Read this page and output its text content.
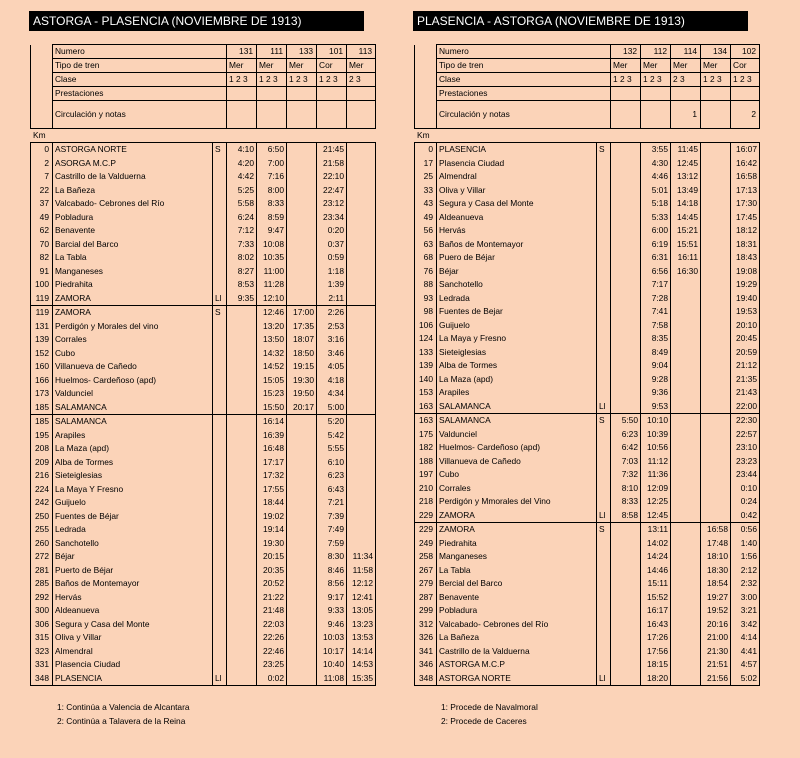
ASTORGA - PLASENCIA (NOVIEMBRE DE 1913)
	Numero	131	111	133	101	113
	Tipo de tren	Mer	Mer	Mer	Cor	Mer
	Clase	1 2 3	1 2 3	1 2 3	1 2 3	2 3
	Prestaciones					
	Circulación y notas					
Km
0	ASTORGA NORTE	S	4:10	6:50		21:45	
2	ASORGA M.C.P		4:20	7:00		21:58	
7	Castrillo de la Valduerna		4:42	7:16		22:10	
22	La Bañeza		5:25	8:00		22:47	
37	Valcabado- Cebrones del Río		5:58	8:33		23:12	
49	Pobladura		6:24	8:59		23:34	
62	Benavente		7:12	9:47		0:20	
70	Barcial del Barco		7:33	10:08		0:37	
82	La Tabla		8:02	10:35		0:59	
91	Manganeses		8:27	11:00		1:18	
100	Piedrahita		8:53	11:28		1:39	
119	ZAMORA	Ll	9:35	12:10		2:11	
119	ZAMORA	S		12:46	17:00	2:26	
131	Perdigón y Morales del vino			13:20	17:35	2:53	
139	Corrales			13:50	18:07	3:16	
152	Cubo			14:32	18:50	3:46	
160	Villanueva de Cañedo			14:52	19:15	4:05	
166	Huelmos- Cardeñoso (apd)			15:05	19:30	4:18	
173	Valdunciel			15:23	19:50	4:34	
185	SALAMANCA			15:50	20:17	5:00	
185	SALAMANCA			16:14		5:20	
195	Arapiles			16:39		5:42	
208	La Maza (apd)			16:48		5:55	
209	Alba de Tormes			17:17		6:10	
216	Sieteiglesias			17:32		6:23	
224	La Maya Y Fresno			17:55		6:43	
242	Guijuelo			18:44		7:21	
250	Fuentes de Béjar			19:02		7:39	
255	Ledrada			19:14		7:49	
260	Sanchotello			19:30		7:59	
272	Béjar			20:15		8:30	11:34
281	Puerto de Béjar			20:35		8:46	11:58
285	Baños de Montemayor			20:52		8:56	12:12
292	Hervás			21:22		9:17	12:41
300	Aldeanueva			21:48		9:33	13:05
306	Segura y Casa del Monte			22:03		9:46	13:23
315	Oliva y Villar			22:26		10:03	13:53
323	Almendral			22:46		10:17	14:14
331	Plasencia Ciudad			23:25		10:40	14:53
348	PLASENCIA	Ll		0:02		11:08	15:35
PLASENCIA - ASTORGA (NOVIEMBRE DE 1913)
	Numero	132	112	114	134	102
	Tipo de tren	Mer	Mer	Mer	Mer	Cor
	Clase	1 2 3	1 2 3	2 3	1 2 3	1 2 3
	Prestaciones					
	Circulación y notas			1		2
Km
0	PLASENCIA	S		3:55	11:45		16:07
17	Plasencia Ciudad			4:30	12:45		16:42
25	Almendral			4:46	13:12		16:58
33	Oliva y Villar			5:01	13:49		17:13
43	Segura y Casa del Monte			5:18	14:18		17:30
49	Aldeanueva			5:33	14:45		17:45
56	Hervás			6:00	15:21		18:12
63	Baños de Montemayor			6:19	15:51		18:31
68	Puero de Béjar			6:31	16:11		18:43
76	Béjar			6:56	16:30		19:08
88	Sanchotello			7:17			19:29
93	Ledrada			7:28			19:40
98	Fuentes de Bejar			7:41			19:53
106	Guijuelo			7:58			20:10
124	La Maya y Fresno			8:35			20:45
133	Sieteiglesias			8:49			20:59
139	Alba de Tormes			9:04			21:12
140	La Maza (apd)			9:28			21:35
153	Arapiles			9:36			21:43
163	SALAMANCA	Ll		9:53			22:00
163	SALAMANCA	S	5:50	10:10			22:30
175	Valdunciel		6:23	10:39			22:57
182	Huelmos- Cardeñoso (apd)		6:42	10:56			23:10
188	Villanueva de Cañedo		7:03	11:12			23:23
197	Cubo		7:32	11:36			23:44
210	Corrales		8:10	12:09			0:10
218	Perdigón y Mmorales del Vino		8:33	12:25			0:24
229	ZAMORA	Ll	8:58	12:45			0:42
229	ZAMORA	S		13:11		16:58	0:56
249	Piedrahita			14:02		17:48	1:40
258	Manganeses			14:24		18:10	1:56
267	La Tabla			14:46		18:30	2:12
279	Bercial del Barco			15:11		18:54	2:32
287	Benavente			15:52		19:27	3:00
299	Pobladura			16:17		19:52	3:21
312	Valcabado- Cebrones del Río			16:43		20:16	3:42
326	La Bañeza			17:26		21:00	4:14
341	Castrillo de la Valduerna			17:56		21:30	4:41
346	ASTORGA M.C.P			18:15		21:51	4:57
348	ASTORGA NORTE	Ll		18:20		21:56	5:02
1: Continúa a Valencia de Alcantara
2: Continúa a Talavera de la Reina
1: Procede de Navalmoral
2: Procede de Caceres
